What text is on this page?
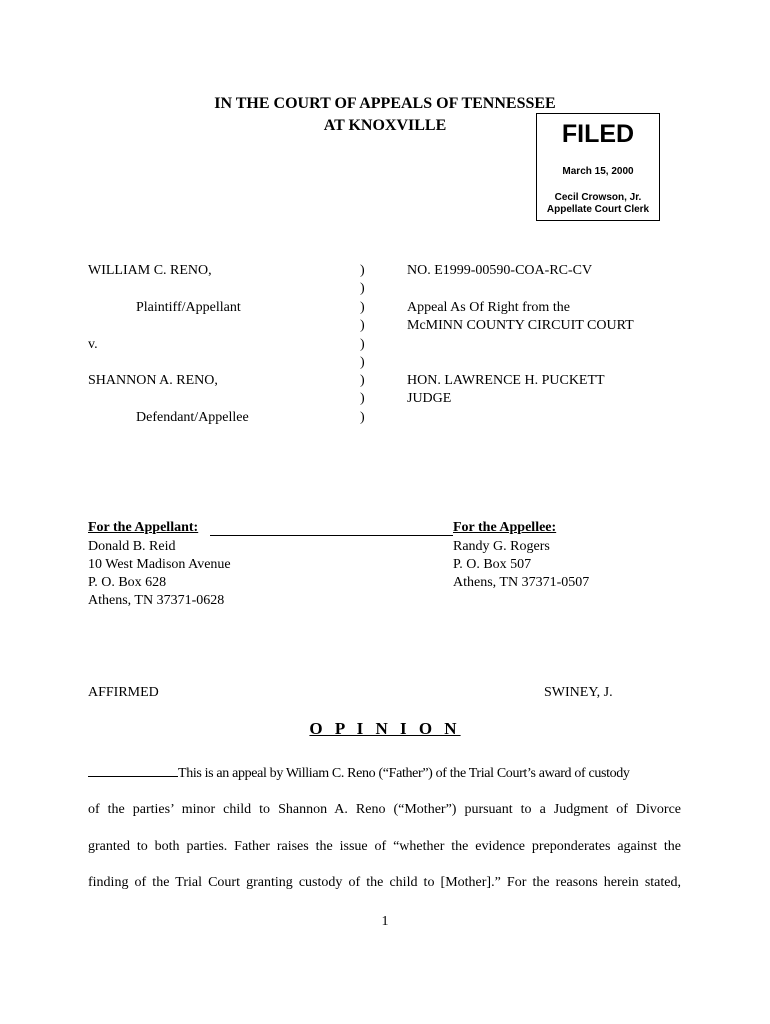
IN THE COURT OF APPEALS OF TENNESSEE
AT KNOXVILLE	FILED
March 15, 2000
Cecil Crowson, Jr.
Appellate Court Clerk
WILLIAM C. RENO,
Plaintiff/Appellant
v.
SHANNON A. RENO,
Defendant/Appellee
)
)
)
)
)
)
)
)
)
NO. E1999-00590-COA-RC-CV
Appeal As Of Right from the
McMINN COUNTY CIRCUIT COURT
HON. LAWRENCE H. PUCKETT
JUDGE
For the Appellant:
Donald B. Reid
10 West Madison Avenue
P. O. Box 628
Athens, TN 37371-0628
For the Appellee:
Randy G. Rogers
P. O. Box 507
Athens, TN 37371-0507
AFFIRMED	SWINEY, J.
O P I N I O N
This is an appeal by William C. Reno (“Father”) of the Trial Court’s award of custody
of the parties’ minor child to Shannon A. Reno (“Mother”) pursuant to a Judgment of Divorce
granted to both parties. Father raises the issue of “whether the evidence preponderates against the
finding of the Trial Court granting custody of the child to [Mother].” For the reasons herein stated,
1
